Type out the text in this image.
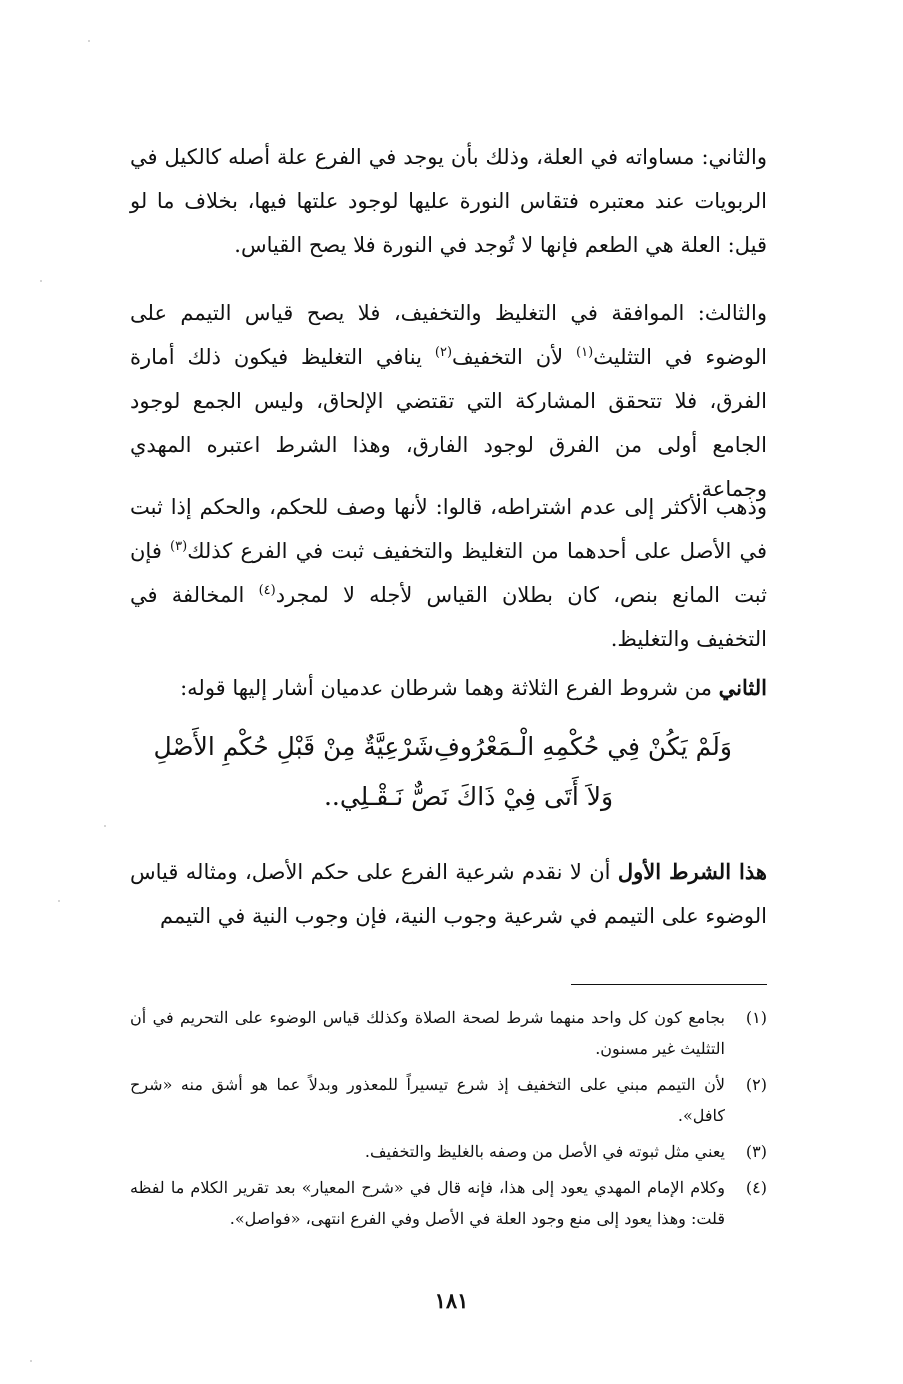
والثاني: مساواته في العلة، وذلك بأن يوجد في الفرع علة أصله كالكيل في الربويات عند معتبره فتقاس النورة عليها لوجود علتها فيها، بخلاف ما لو قيل: العلة هي الطعم فإنها لا تُوجد في النورة فلا يصح القياس.

والثالث: الموافقة في التغليظ والتخفيف، فلا يصح قياس التيمم على الوضوء في التثليث$^{(١)}$ لأن التخفيف$^{(٢)}$ ينافي التغليظ فيكون ذلك أمارة الفرق، فلا تتحقق المشاركة التي تقتضي الإلحاق، وليس الجمع لوجود الجامع أولى من الفرق لوجود الفارق، وهذا الشرط اعتبره المهدي وجماعة.

وذهب الأكثر إلى عدم اشتراطه، قالوا: لأنها وصف للحكم، والحكم إذا ثبت في الأصل على أحدهما من التغليظ والتخفيف ثبت في الفرع كذلك$^{(٣)}$ فإن ثبت المانع بنص، كان بطلان القياس لأجله لا لمجرد$^{(٤)}$ المخالفة في التخفيف والتغليظ.

الثاني من شروط الفرع الثلاثة وهما شرطان عدميان أشار إليها قوله:

وَلَمْ يَكُنْ فِي حُكْمِهِ الْـمَعْرُوفِ
شَرْعِيَّةٌ مِنْ قَبْلِ حُكْمِ الأَصْلِ
وَلاَ أَتَى فِيْ ذَاكَ نَصٌّ نَـقْـلِي..

هذا الشرط الأول أن لا نقدم شرعية الفرع على حكم الأصل، ومثاله قياس الوضوء على التيمم في شرعية وجوب النية، فإن وجوب النية في التيمم

(١)
بجامع كون كل واحد منهما شرط لصحة الصلاة وكذلك قياس الوضوء على التحريم في أن التثليث غير مسنون.
(٢)
لأن التيمم مبني على التخفيف إذ شرع تيسيراً للمعذور وبدلاً عما هو أشق منه «شرح كافل».
(٣)
يعني مثل ثبوته في الأصل من وصفه بالغليظ والتخفيف.
(٤)
وكلام الإمام المهدي يعود إلى هذا، فإنه قال في «شرح المعيار» بعد تقرير الكلام ما لفظه قلت: وهذا يعود إلى منع وجود العلة في الأصل وفي الفرع انتهى، «فواصل».
١٨١
